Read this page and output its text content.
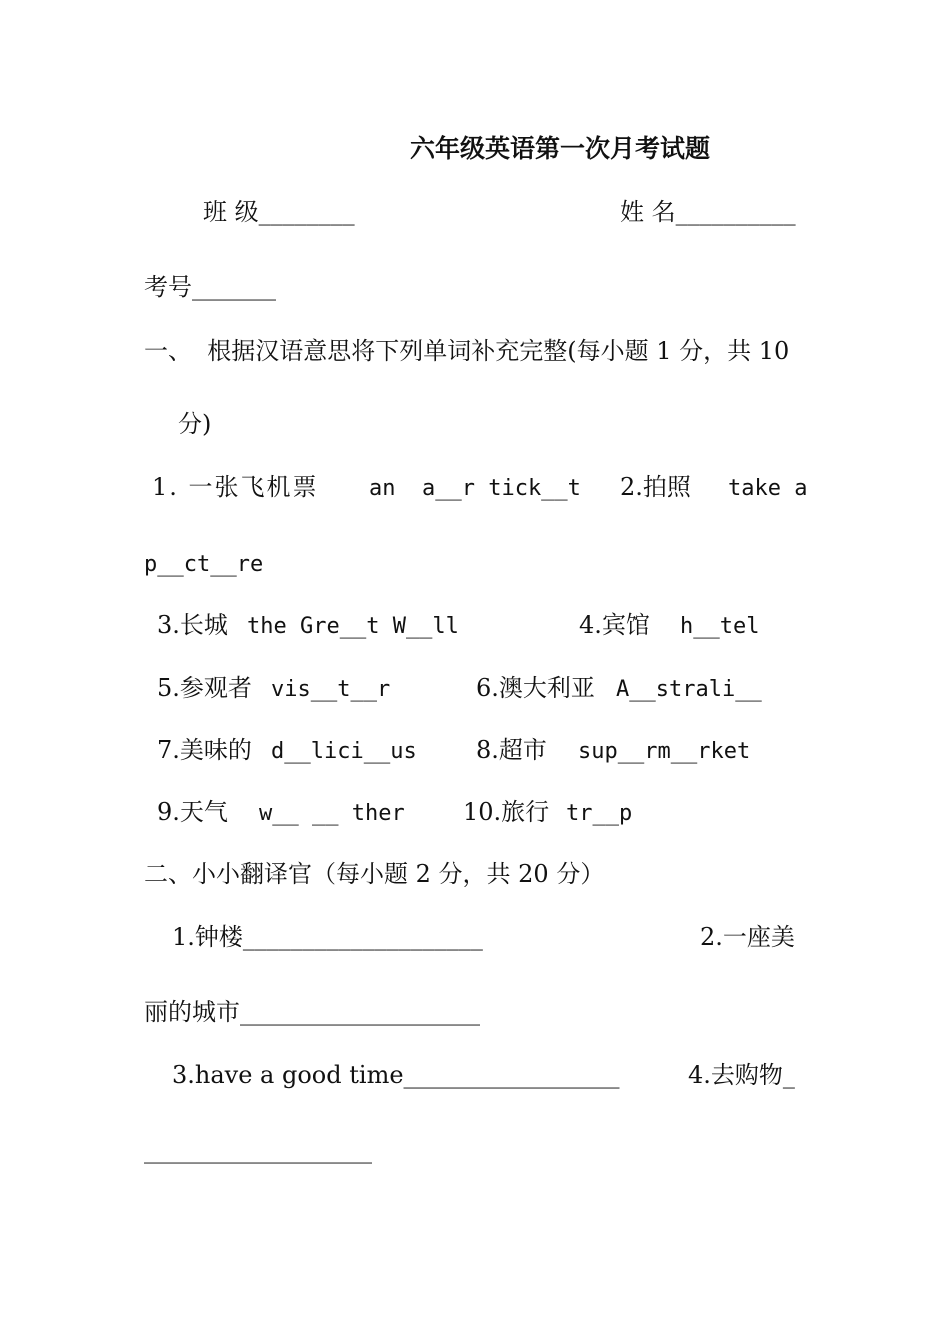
六年级英语第一次月考试题
班 级________	姓 名__________
考号_______
一、  根据汉语意思将下列单词补充完整(每小题 1 分，共 10
分)
1. 一张飞机票 an  a__r tick__t 2.拍照 take a
p__ct__re
3.长城 the Gre__t W__ll	4.宾馆 h__tel
5.参观者 vis__t__r	6.澳大利亚 A__strali__
7.美味的 d__lici__us 8.超市 sup__rm__rket
9.天气 w__ __ ther 10.旅行 tr__p
二、小小翻译官（每小题 2 分，共 20 分）
1.钟楼____________________	2.一座美
丽的城市____________________
3.have a good time__________________	4.去购物_
___________________
